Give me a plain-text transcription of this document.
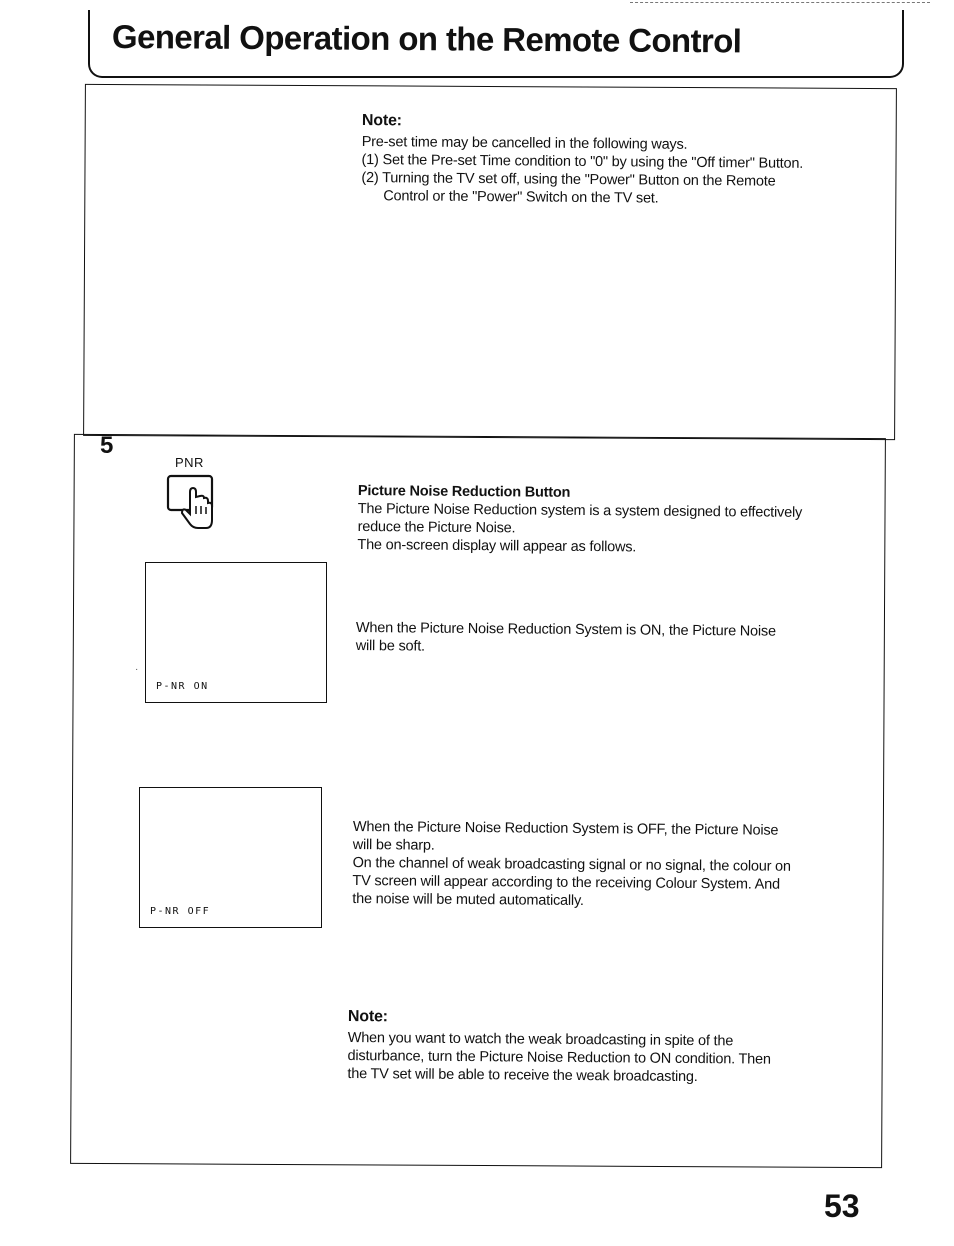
General Operation on the Remote Control

Note:

Pre-set time may be cancelled in the following ways.

(1) Set the Pre-set Time condition to "0" by using the "Off timer" Button.

(2) Turning the TV set off, using the "Power" Button on the Remote

Control or the "Power" Switch on the TV set.

5
PNR

Picture Noise Reduction Button

The Picture Noise Reduction system is a system designed to effectively

reduce the Picture Noise.

The on-screen display will appear as follows.

·
P-NR ON

When the Picture Noise Reduction System is ON, the Picture Noise

will be soft.

P-NR OFF

When the Picture Noise Reduction System is OFF, the Picture Noise

will be sharp.

On the channel of weak broadcasting signal or no signal, the colour on

TV screen will appear according to the receiving Colour System. And

the noise will be muted automatically.

Note:

When you want to watch the weak broadcasting in spite of the

disturbance, turn the Picture Noise Reduction to ON condition. Then

the TV set will be able to receive the weak broadcasting.

53
